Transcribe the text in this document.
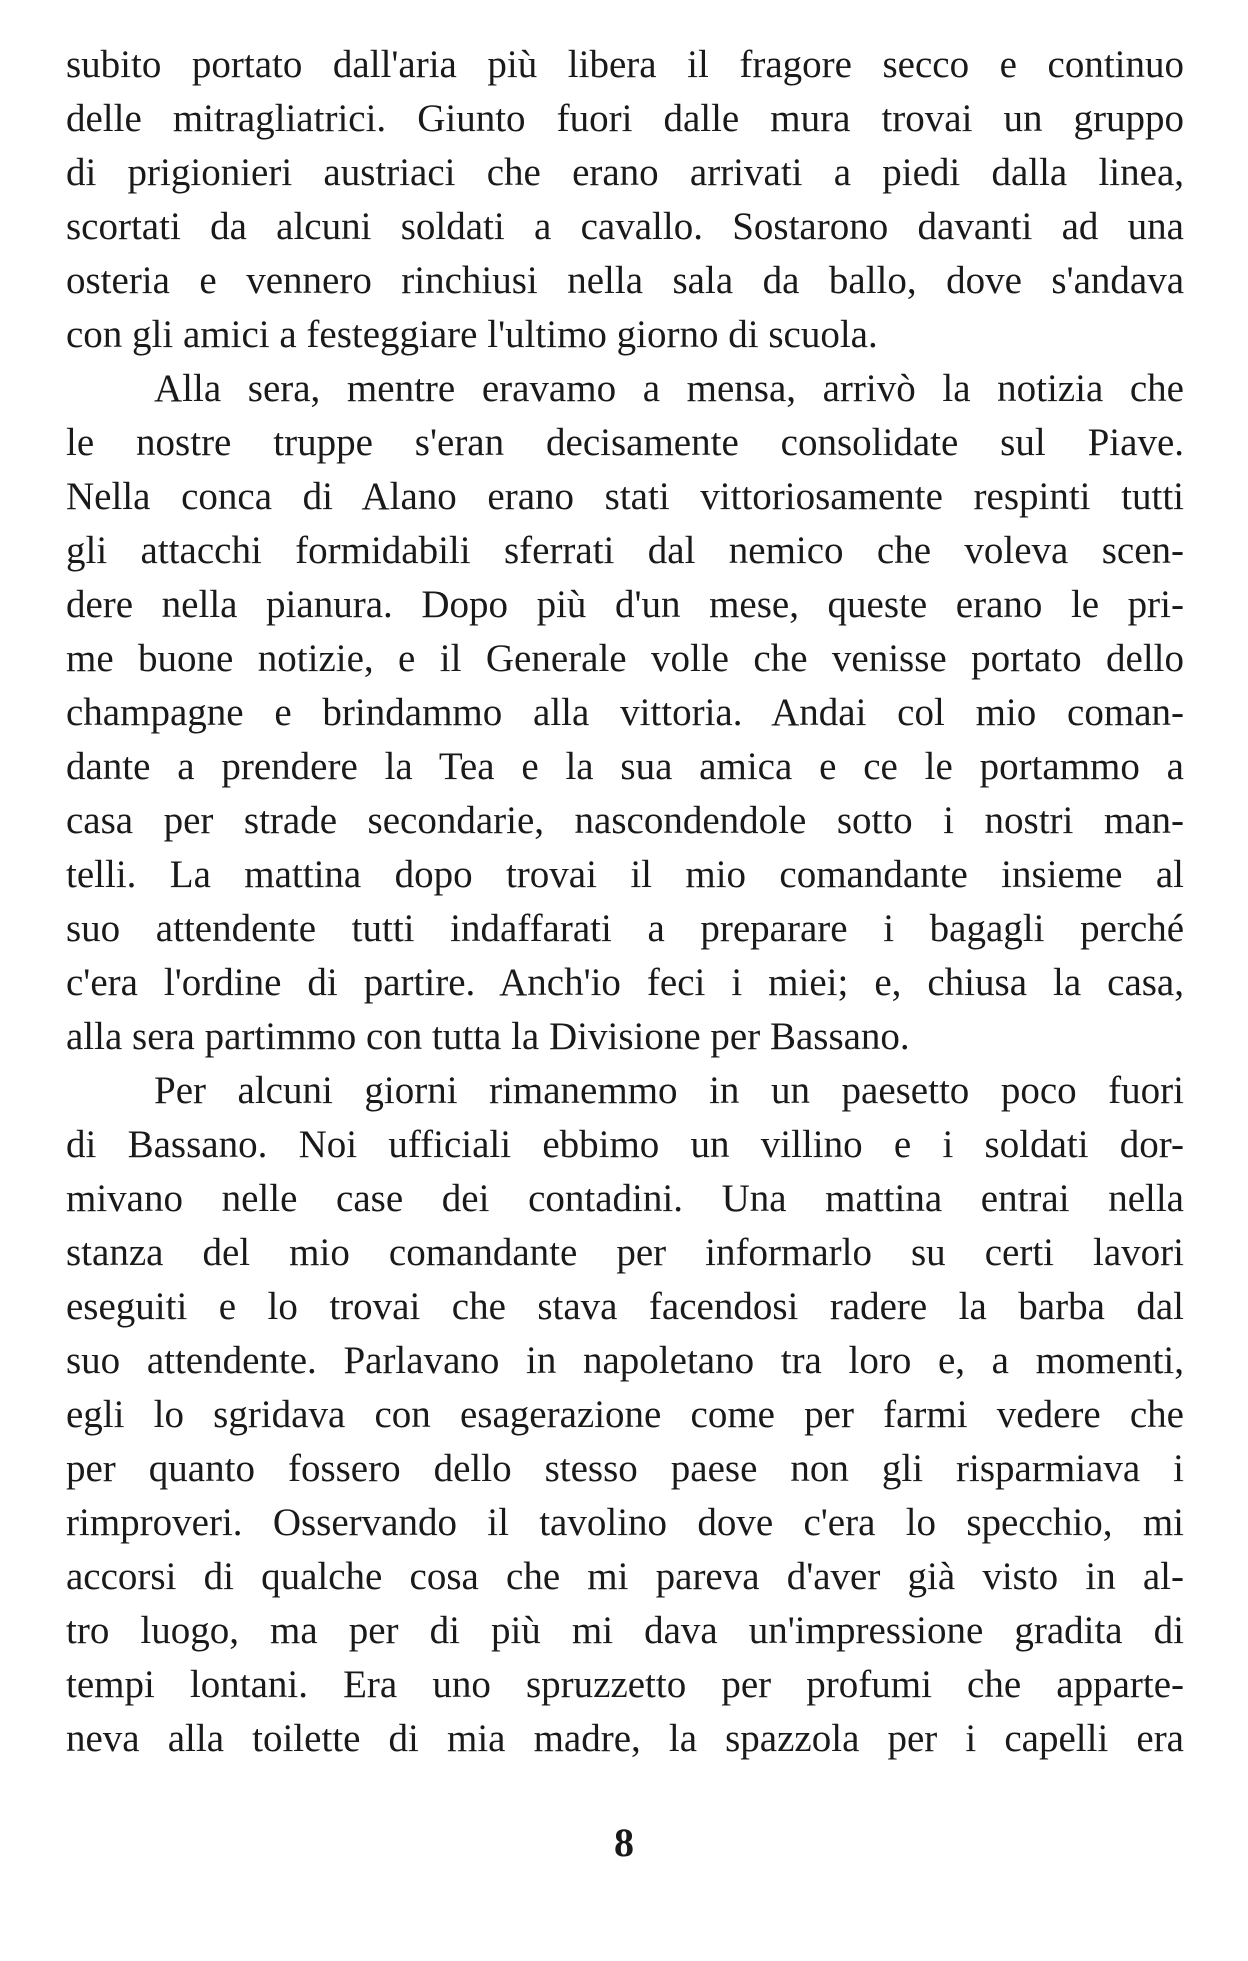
subito portato dall'aria più libera il fragore secco e continuo
delle mitragliatrici. Giunto fuori dalle mura trovai un gruppo
di prigionieri austriaci che erano arrivati a piedi dalla linea,
scortati da alcuni soldati a cavallo. Sostarono davanti ad una
osteria e vennero rinchiusi nella sala da ballo, dove s'andava
con gli amici a festeggiare l'ultimo giorno di scuola.
Alla sera, mentre eravamo a mensa, arrivò la notizia che
le nostre truppe s'eran decisamente consolidate sul Piave.
Nella conca di Alano erano stati vittoriosamente respinti tutti
gli attacchi formidabili sferrati dal nemico che voleva scen-
dere nella pianura. Dopo più d'un mese, queste erano le pri-
me buone notizie, e il Generale volle che venisse portato dello
champagne e brindammo alla vittoria. Andai col mio coman-
dante a prendere la Tea e la sua amica e ce le portammo a
casa per strade secondarie, nascondendole sotto i nostri man-
telli. La mattina dopo trovai il mio comandante insieme al
suo attendente tutti indaffarati a preparare i bagagli perché
c'era l'ordine di partire. Anch'io feci i miei; e, chiusa la casa,
alla sera partimmo con tutta la Divisione per Bassano.
Per alcuni giorni rimanemmo in un paesetto poco fuori
di Bassano. Noi ufficiali ebbimo un villino e i soldati dor-
mivano nelle case dei contadini. Una mattina entrai nella
stanza del mio comandante per informarlo su certi lavori
eseguiti e lo trovai che stava facendosi radere la barba dal
suo attendente. Parlavano in napoletano tra loro e, a momenti,
egli lo sgridava con esagerazione come per farmi vedere che
per quanto fossero dello stesso paese non gli risparmiava i
rimproveri. Osservando il tavolino dove c'era lo specchio, mi
accorsi di qualche cosa che mi pareva d'aver già visto in al-
tro luogo, ma per di più mi dava un'impressione gradita di
tempi lontani. Era uno spruzzetto per profumi che apparte-
neva alla toilette di mia madre, la spazzola per i capelli era
8
